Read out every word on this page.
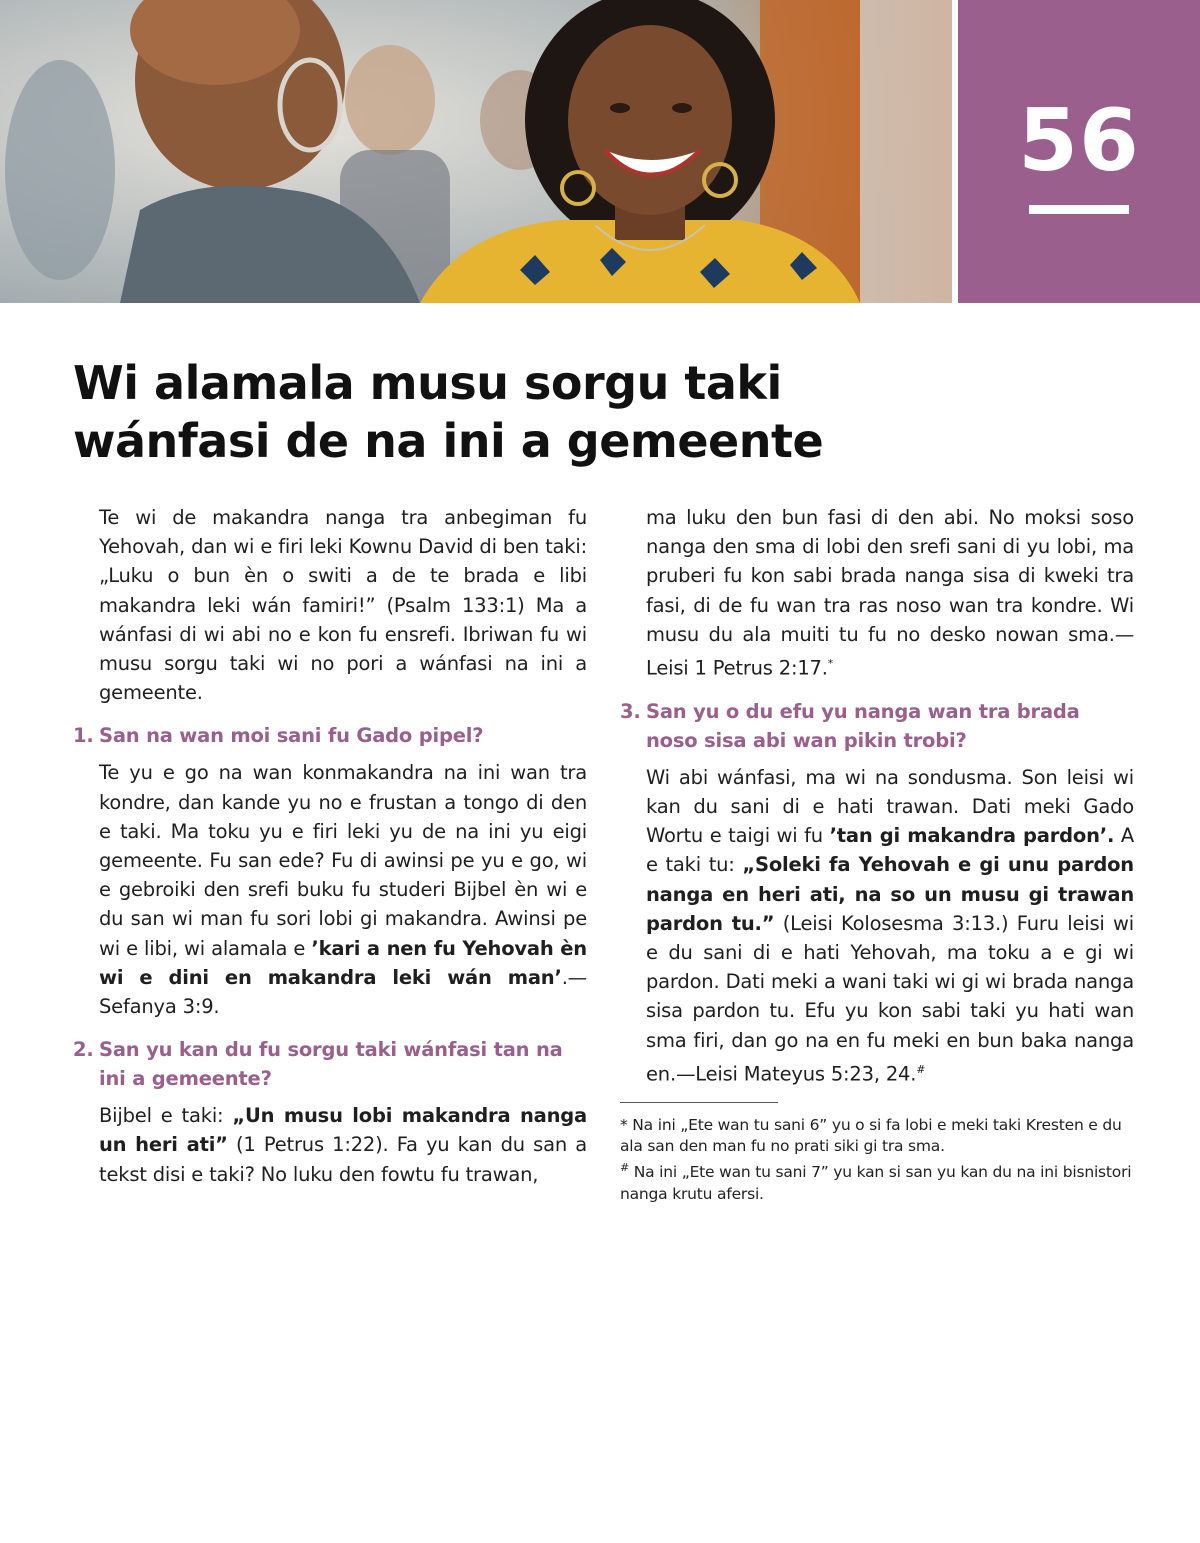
56
Wi alamala musu sorgu taki
wánfasi de na ini a gemeente

Te wi de makandra nanga tra anbegiman fu Yehovah, dan wi e firi leki Kownu David di ben taki: „Luku o bun èn o switi a de te brada e libi makandra leki wán famiri!” (Psalm 133:1) Ma a wánfasi di wi abi no e kon fu ensrefi. Ibriwan fu wi musu sorgu taki wi no pori a wánfasi na ini a gemeente.

1. San na wan moi sani fu Gado pipel?

Te yu e go na wan konmakandra na ini wan tra kondre, dan kande yu no e frustan a tongo di den e taki. Ma toku yu e firi leki yu de na ini yu eigi gemeente. Fu san ede? Fu di awinsi pe yu e go, wi e gebroiki den srefi buku fu studeri Bijbel èn wi e du san wi man fu sori lobi gi makandra. Awinsi pe wi e libi, wi alamala e ’kari a nen fu Yehovah èn wi e dini en makandra leki wán man’.—Sefanya 3:9.

2. San yu kan du fu sorgu taki wánfasi tan na ini a gemeente?

Bijbel e taki: „Un musu lobi makandra nanga un heri ati” (1 Petrus 1:22). Fa yu kan du san a tekst disi e taki? No luku den fowtu fu trawan,

ma luku den bun fasi di den abi. No moksi soso nanga den sma di lobi den srefi sani di yu lobi, ma pruberi fu kon sabi brada nanga sisa di kweki tra fasi, di de fu wan tra ras noso wan tra kondre. Wi musu du ala muiti tu fu no desko nowan sma.—Leisi 1 Petrus 2:17.*

3. San yu o du efu yu nanga wan tra brada noso sisa abi wan pikin trobi?

Wi abi wánfasi, ma wi na sondusma. Son leisi wi kan du sani di e hati trawan. Dati meki Gado Wortu e taigi wi fu ’tan gi makandra pardon’. A e taki tu: „Soleki fa Yehovah e gi unu pardon nanga en heri ati, na so un musu gi trawan pardon tu.” (Leisi Kolosesma 3:13.) Furu leisi wi e du sani di e hati Yehovah, ma toku a e gi wi pardon. Dati meki a wani taki wi gi wi brada nanga sisa pardon tu. Efu yu kon sabi taki yu hati wan sma firi, dan go na en fu meki en bun baka nanga en.—Leisi Mateyus 5:23, 24.#

* Na ini „Ete wan tu sani 6” yu o si fa lobi e meki taki Kresten e du ala san den man fu no prati siki gi tra sma.

# Na ini „Ete wan tu sani 7” yu kan si san yu kan du na ini bisnistori nanga krutu afersi.
